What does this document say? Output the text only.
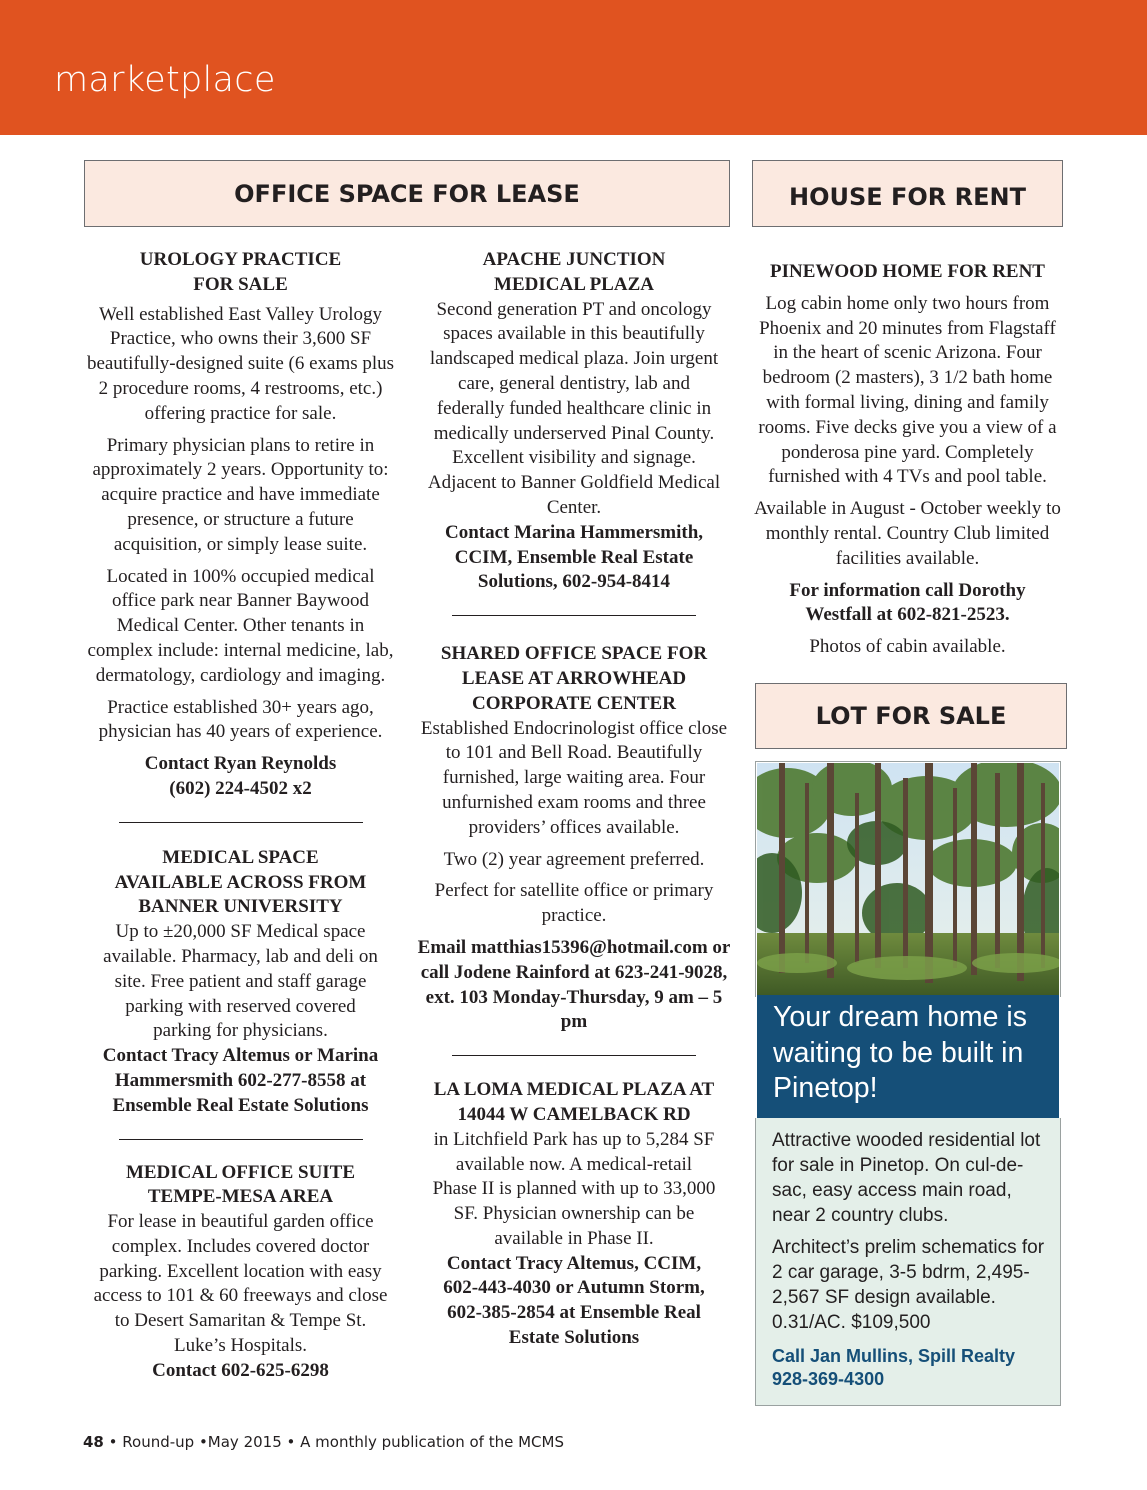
marketplace
OFFICE SPACE FOR LEASE
UROLOGY PRACTICE
FOR SALE

Well established East Valley Urology Practice, who owns their 3,600 SF beautifully-designed suite (6 exams plus 2 procedure rooms, 4 restrooms, etc.) offering practice for sale.

Primary physician plans to retire in approximately 2 years. Opportunity to: acquire practice and have immediate presence, or structure a future acquisition, or simply lease suite.

Located in 100% occupied medical office park near Banner Baywood Medical Center. Other tenants in complex include: internal medicine, lab, dermatology, cardiology and imaging.

Practice established 30+ years ago, physician has 40 years of experience.

Contact Ryan Reynolds
(602) 224-4502 x2
MEDICAL SPACE AVAILABLE ACROSS FROM BANNER UNIVERSITY
Up to ±20,000 SF Medical space available. Pharmacy, lab and deli on site. Free patient and staff garage parking with reserved covered parking for physicians.
Contact Tracy Altemus or Marina Hammersmith 602-277-8558 at Ensemble Real Estate Solutions
MEDICAL OFFICE SUITE TEMPE-MESA AREA
For lease in beautiful garden office complex. Includes covered doctor parking. Excellent location with easy access to 101 & 60 freeways and close to Desert Samaritan & Tempe St. Luke’s Hospitals.
Contact 602-625-6298
APACHE JUNCTION MEDICAL PLAZA
Second generation PT and oncology spaces available in this beautifully landscaped medical plaza. Join urgent care, general dentistry, lab and federally funded healthcare clinic in medically underserved Pinal County. Excellent visibility and signage. Adjacent to Banner Goldfield Medical Center.
Contact Marina Hammersmith, CCIM, Ensemble Real Estate Solutions, 602-954-8414
SHARED OFFICE SPACE FOR LEASE AT ARROWHEAD CORPORATE CENTER

Established Endocrinologist office close to 101 and Bell Road. Beautifully furnished, large waiting area. Four unfurnished exam rooms and three providers’ offices available.

Two (2) year agreement preferred.

Perfect for satellite office or primary practice.

Email matthias15396@hotmail.com or call Jodene Rainford at 623-241-9028, ext. 103 Monday-Thursday, 9 am – 5 pm
LA LOMA MEDICAL PLAZA AT 14044 W CAMELBACK RD
in Litchfield Park has up to 5,284 SF available now. A medical-retail Phase II is planned with up to 33,000 SF. Physician ownership can be available in Phase II.
Contact Tracy Altemus, CCIM, 602-443-4030 or Autumn Storm, 602-385-2854 at Ensemble Real Estate Solutions
HOUSE FOR RENT
PINEWOOD HOME FOR RENT

Log cabin home only two hours from Phoenix and 20 minutes from Flagstaff in the heart of scenic Arizona. Four bedroom (2 masters), 3 1/2 bath home with formal living, dining and family rooms. Five decks give you a view of a ponderosa pine yard. Completely furnished with 4 TVs and pool table.

Available in August - October weekly to monthly rental. Country Club limited facilities available.

For information call Dorothy Westfall at 602-821-2523.

Photos of cabin available.

LOT FOR SALE
Your dream home is waiting to be built in Pinetop!

Attractive wooded residential lot for sale in Pinetop. On cul-de-sac, easy access main road, near 2 country clubs.

Architect’s prelim schematics for 2 car garage, 3-5 bdrm, 2,495-2,567 SF design available. 0.31/AC. $109,500

Call Jan Mullins, Spill Realty
928-369-4300
48 • Round-up •May 2015 • A monthly publication of the MCMS
